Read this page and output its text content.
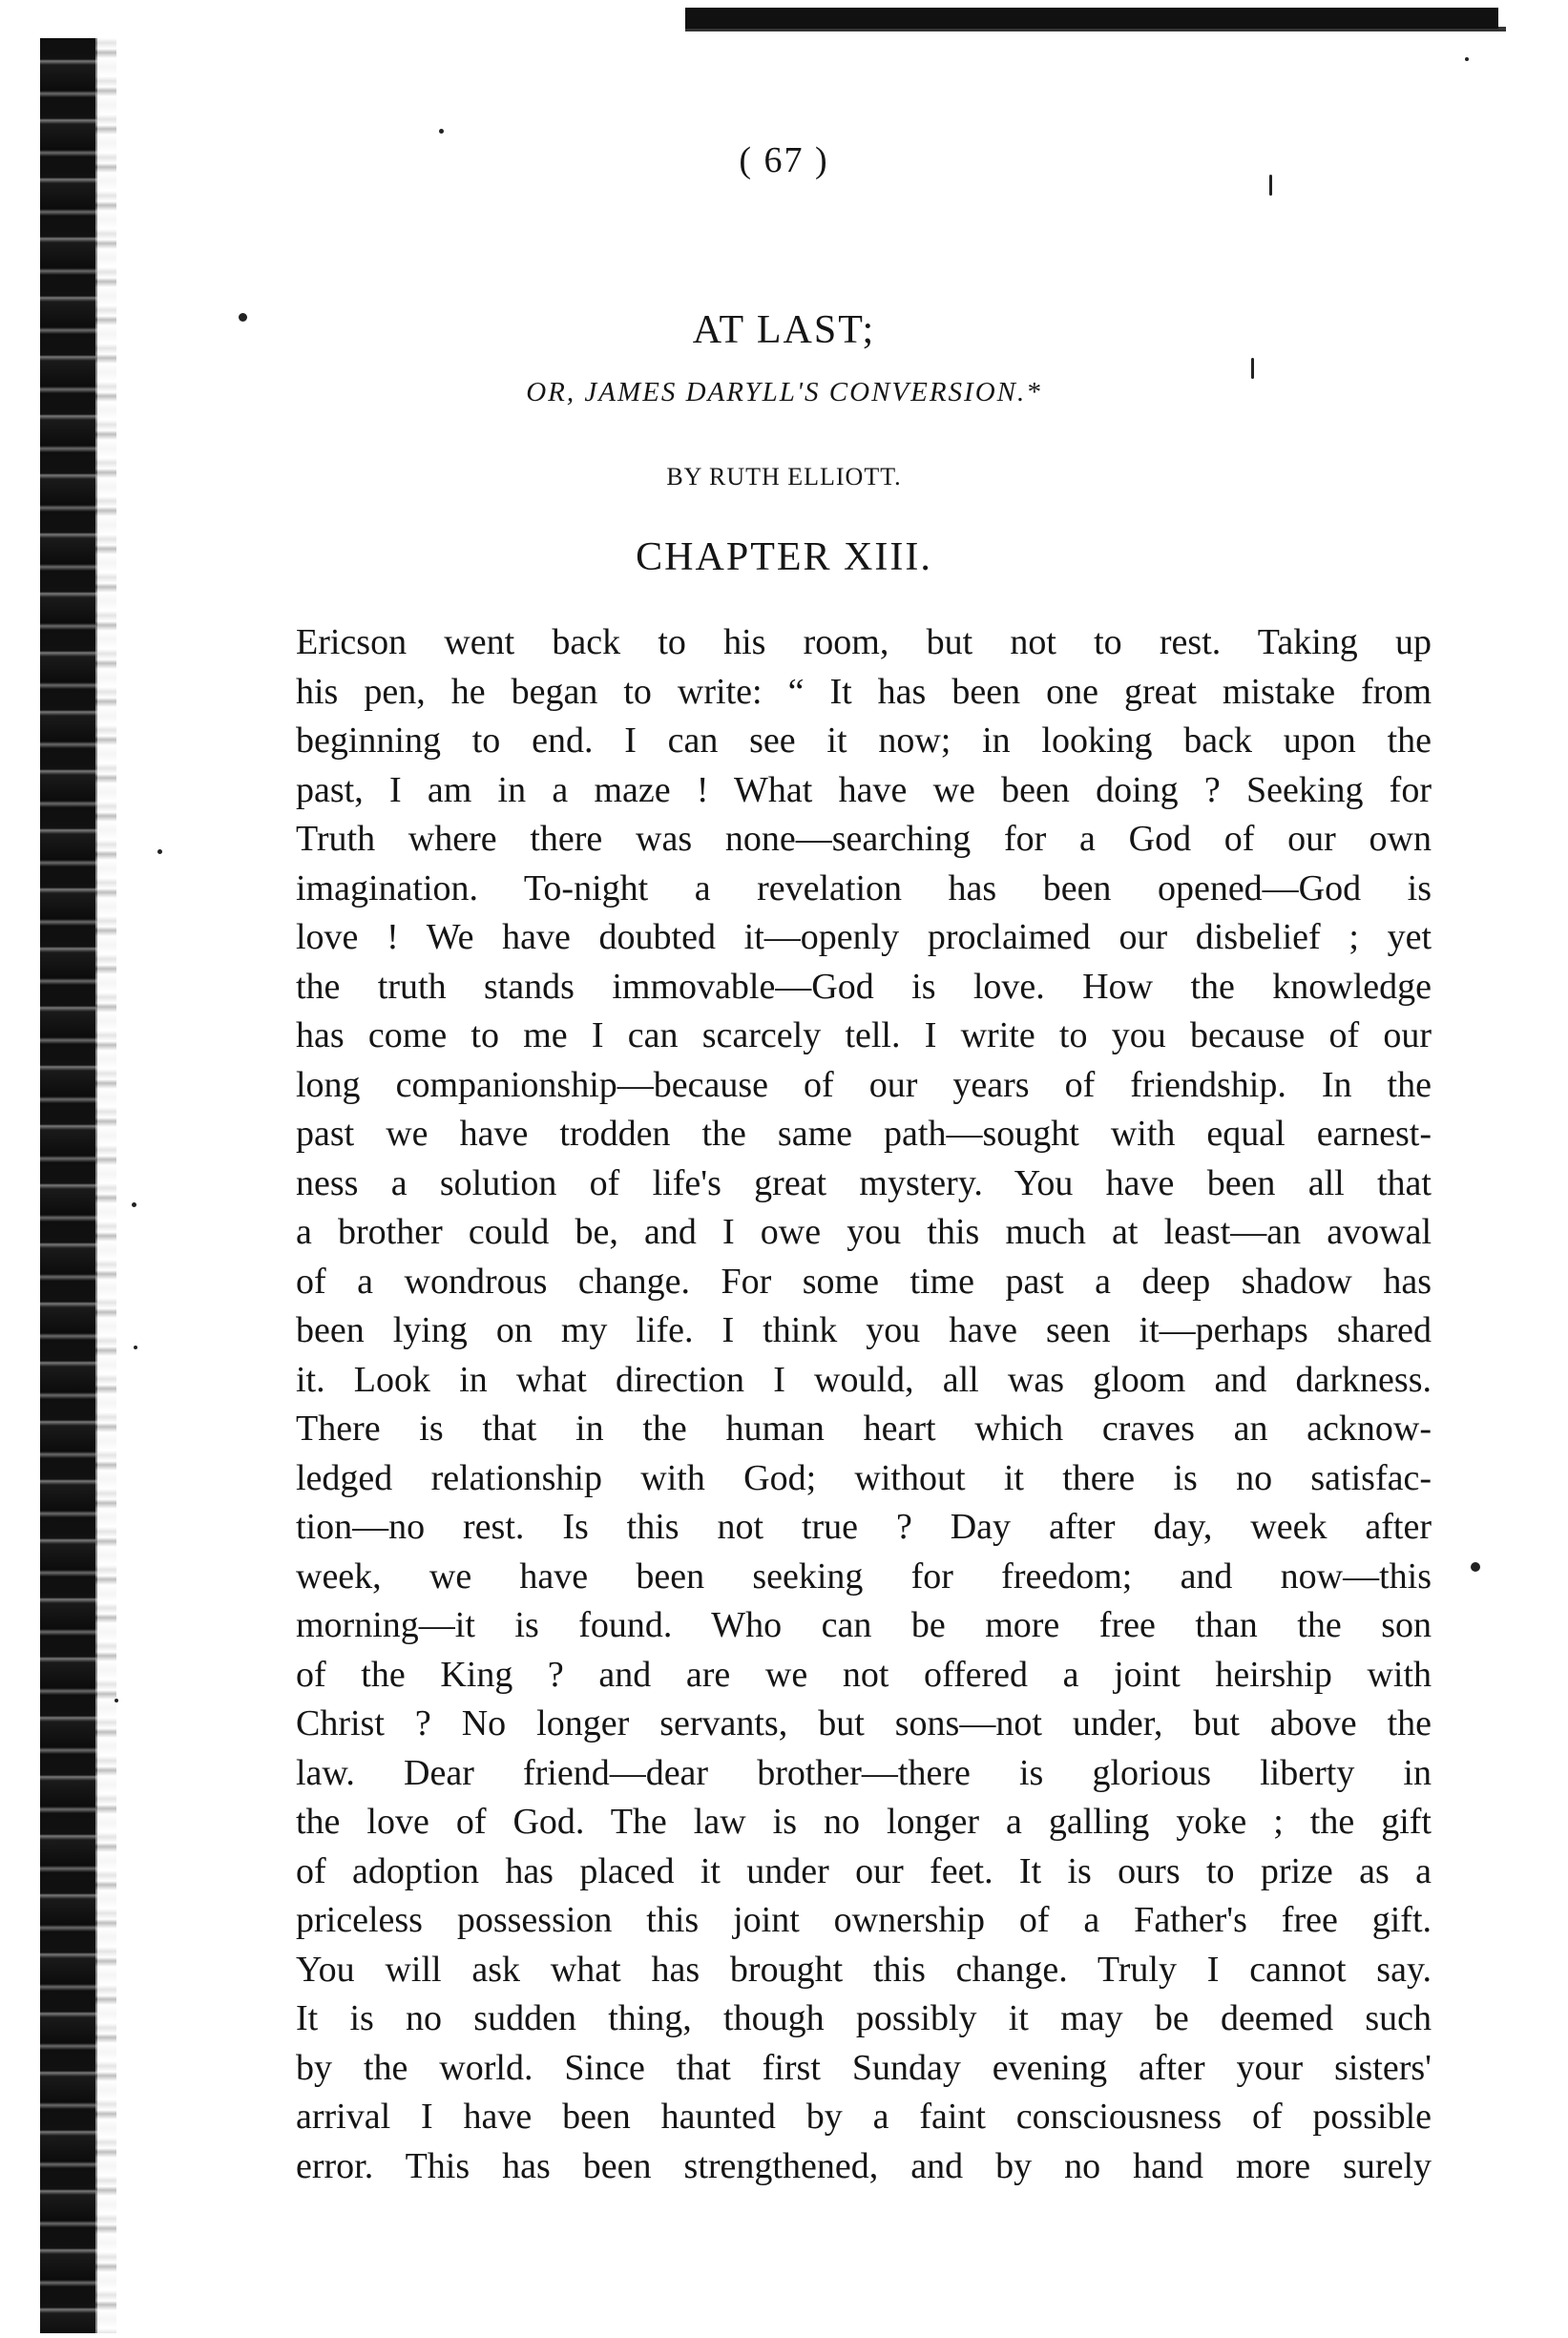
( 67 )
AT LAST;
OR, JAMES DARYLL'S CONVERSION.*
BY RUTH ELLIOTT.
CHAPTER XIII.
Ericson went back to his room, but not to rest. Taking up
his pen, he began to write: “ It has been one great mistake from
beginning to end. I can see it now; in looking back upon the
past, I am in a maze ! What have we been doing ? Seeking for
Truth where there was none—searching for a God of our own
imagination. To-night a revelation has been opened—God is
love ! We have doubted it—openly proclaimed our disbelief ; yet
the truth stands immovable—God is love. How the knowledge
has come to me I can scarcely tell. I write to you because of our
long companionship—because of our years of friendship. In the
past we have trodden the same path—sought with equal earnest-
ness a solution of life's great mystery. You have been all that
a brother could be, and I owe you this much at least—an avowal
of a wondrous change. For some time past a deep shadow has
been lying on my life. I think you have seen it—perhaps shared
it. Look in what direction I would, all was gloom and darkness.
There is that in the human heart which craves an acknow-
ledged relationship with God; without it there is no satisfac-
tion—no rest. Is this not true ? Day after day, week after
week, we have been seeking for freedom; and now—this
morning—it is found. Who can be more free than the son
of the King ? and are we not offered a joint heirship with
Christ ? No longer servants, but sons—not under, but above the
law. Dear friend—dear brother—there is glorious liberty in
the love of God. The law is no longer a galling yoke ; the gift
of adoption has placed it under our feet. It is ours to prize as a
priceless possession this joint ownership of a Father's free gift.
You will ask what has brought this change. Truly I cannot say.
It is no sudden thing, though possibly it may be deemed such
by the world. Since that first Sunday evening after your sisters'
arrival I have been haunted by a faint consciousness of possible
error. This has been strengthened, and by no hand more surely
